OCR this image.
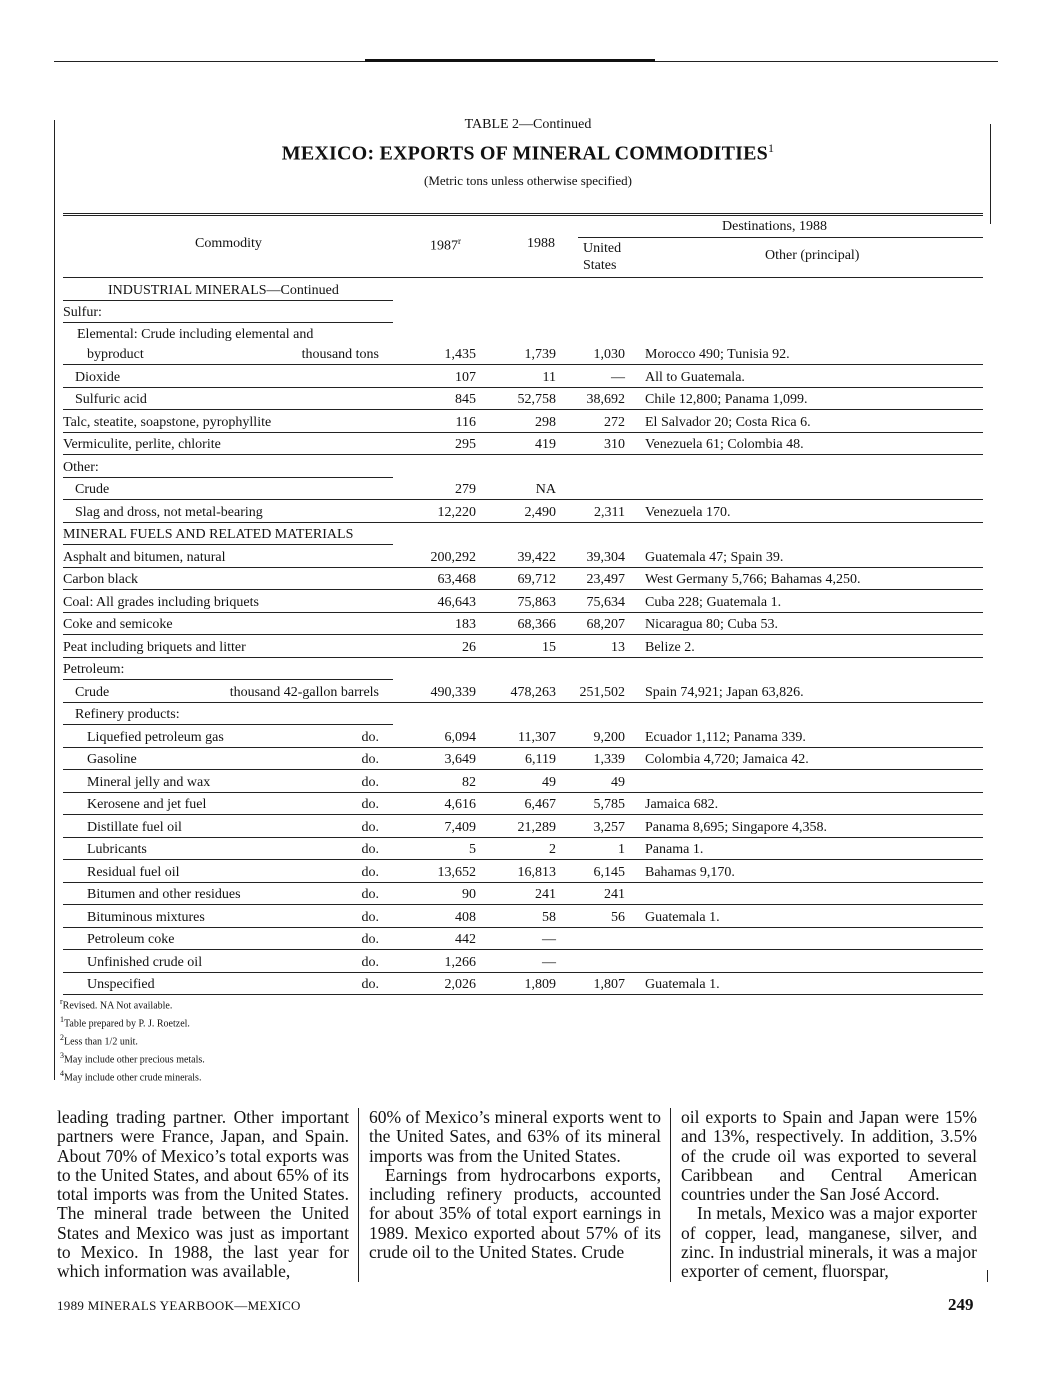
TABLE 2—Continued
MEXICO: EXPORTS OF MINERAL COMMODITIES$^1$
(Metric tons unless otherwise specified)
Commodity	1987$^r$	1988
Destinations, 1988
United States
Other (principal)
INDUSTRIAL MINERALS—Continued
Sulfur:
Elemental: Crude including elemental and
byproduct	thousand tons	1,435	1,739	1,030 Morocco 490; Tunisia 92.
Dioxide	107	11	— All to Guatemala.
Sulfuric acid	845	52,758 38,692 Chile 12,800; Panama 1,099.
Talc, steatite, soapstone, pyrophyllite	116	298	272 El Salvador 20; Costa Rica 6.
Vermiculite, perlite, chlorite	295	419	310 Venezuela 61; Colombia 48.
Other:
Crude	279	NA
Slag and dross, not metal-bearing	12,220	2,490	2,311 Venezuela 170.
MINERAL FUELS AND RELATED MATERIALS
Asphalt and bitumen, natural	200,292	39,422 39,304 Guatemala 47; Spain 39.
Carbon black	63,468	69,712 23,497 West Germany 5,766; Bahamas 4,250.
Coal: All grades including briquets	46,643	75,863 75,634 Cuba 228; Guatemala 1.
Coke and semicoke	183	68,366 68,207 Nicaragua 80; Cuba 53.
Peat including briquets and litter	26	15	13 Belize 2.
Petroleum:
Crude	thousand 42-gallon barrels	490,339 478,263 251,502 Spain 74,921; Japan 63,826.
Refinery products:
Liquefied petroleum gas	do.	6,094	11,307	9,200 Ecuador 1,112; Panama 339.
Gasoline	do.	3,649	6,119	1,339 Colombia 4,720; Jamaica 42.
Mineral jelly and wax	do.	82	49	49
Kerosene and jet fuel	do.	4,616	6,467	5,785 Jamaica 682.
Distillate fuel oil	do.	7,409	21,289	3,257 Panama 8,695; Singapore 4,358.
Lubricants	do.	5	2	1 Panama 1.
Residual fuel oil	do.	13,652	16,813	6,145 Bahamas 9,170.
Bitumen and other residues	do.	90	241	241
Bituminous mixtures	do.	408	58	56 Guatemala 1.
Petroleum coke	do.	442	—
Unfinished crude oil	do.	1,266	—
Unspecified	do.	2,026	1,809	1,807 Guatemala 1.
$^r$Revised. NA Not available.
$^1$Table prepared by P. J. Roetzel.
$^2$Less than 1/2 unit.
$^3$May include other precious metals.
$^4$May include other crude minerals.

leading trading partner. Other important partners were France, Japan, and Spain. About 70% of Mexico’s total exports was to the United States, and about 65% of its total imports was from the United States. The mineral trade between the United States and Mexico was just as important to Mexico. In 1988, the last year for which information was available,

60% of Mexico’s mineral exports went to the United Sates, and 63% of its mineral imports was from the United States.

Earnings from hydrocarbons exports, including refinery products, accounted for about 35% of total export earnings in 1989. Mexico exported about 57% of its crude oil to the United States. Crude

oil exports to Spain and Japan were 15% and 13%, respectively. In addition, 3.5% of the crude oil was exported to several Caribbean and Central American countries under the San José Accord.

In metals, Mexico was a major exporter of copper, lead, manganese, silver, and zinc. In industrial minerals, it was a major exporter of cement, fluorspar,

1989 MINERALS YEARBOOK—MEXICO	249
